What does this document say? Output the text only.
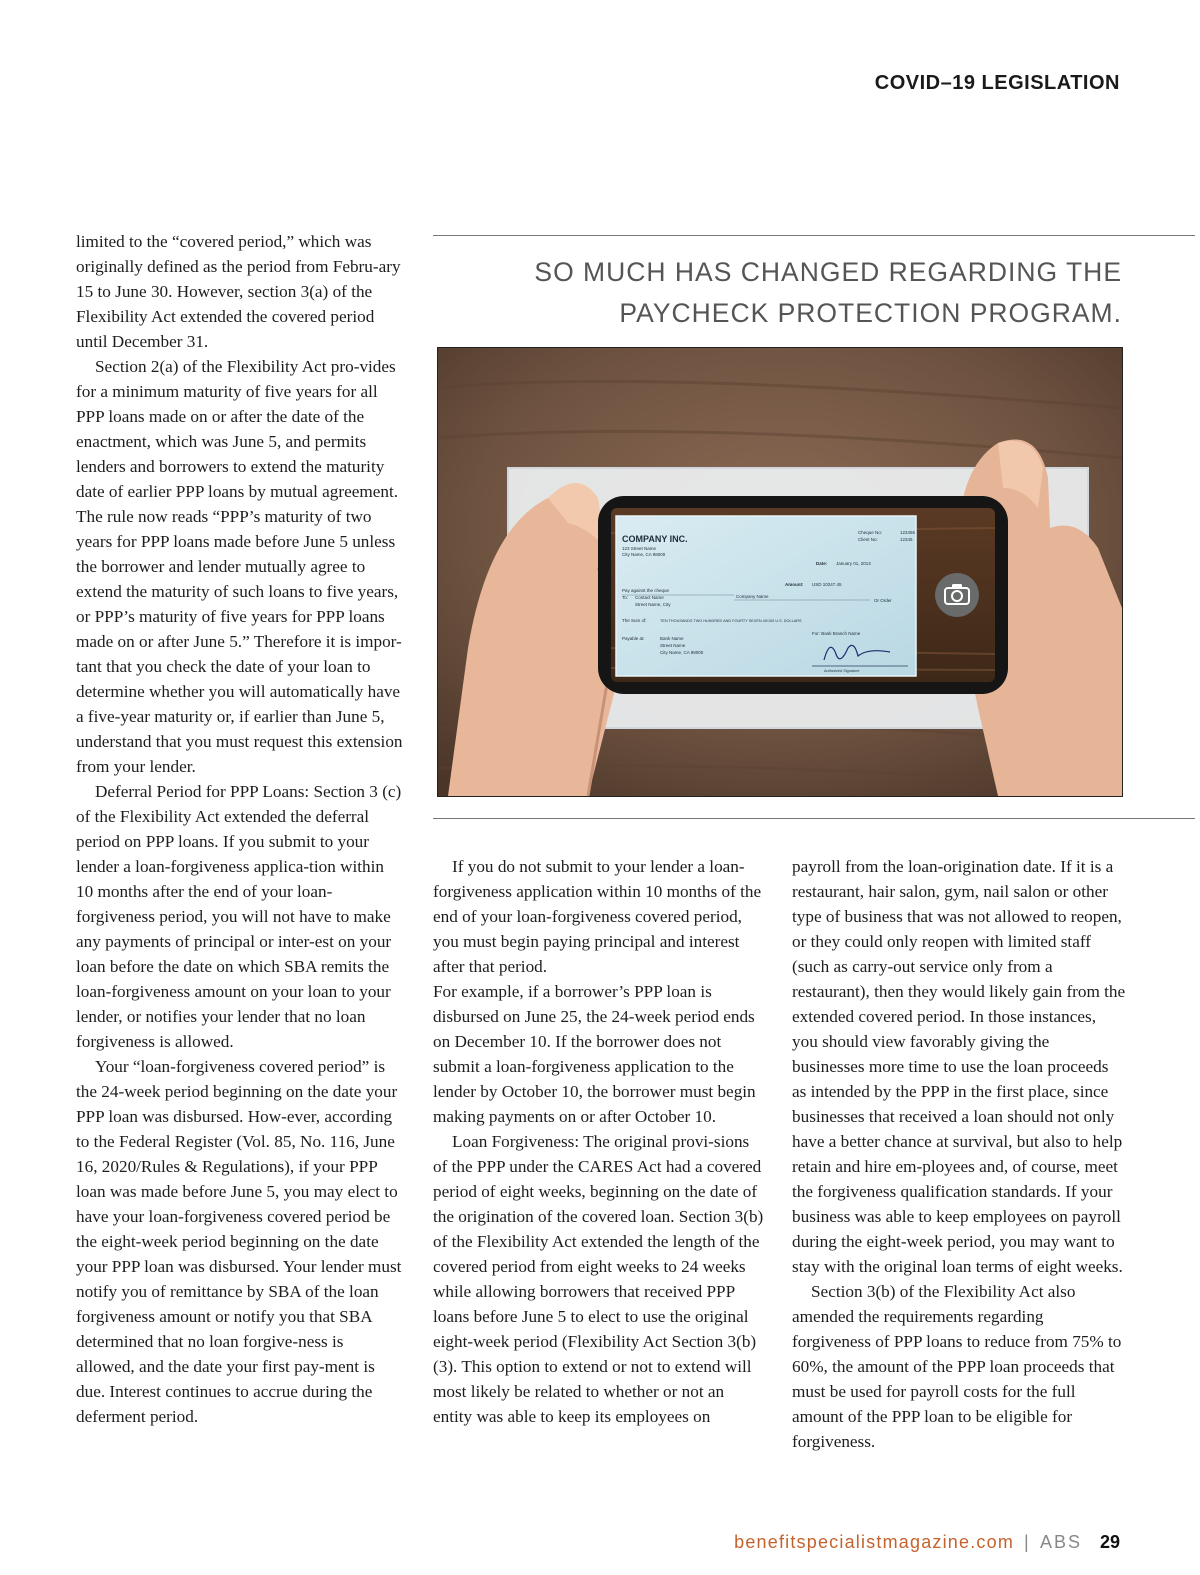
COVID–19 LEGISLATION
SO MUCH HAS CHANGED REGARDING THE
PAYCHECK PROTECTION PROGRAM.
COMPANY INC.
123 Street Name
City Name, CA 98000
Cheque No:	123456
Client No:	12345
Date: January 01, 2013
Amount: USD 10247.45
Pay against the cheque
To: Contact Name
Street Name, City
Company Name
Or Order
The Sum of:	TEN THOUSANDS TWO HUNDRED AND FOURTY SEVEN 40/100 U.S. DOLLARS
Payable at:	Bank Name
Street Name
City Name, CA 98000
For: Bank Branch Name
Authorized Signature

limited to the “covered period,” which was originally defined as the period from Febru-ary 15 to June 30. However, section 3(a) of the Flexibility Act extended the covered period until December 31.

Section 2(a) of the Flexibility Act pro-vides for a minimum maturity of five years for all PPP loans made on or after the date of the enactment, which was June 5, and permits lenders and borrowers to extend the maturity date of earlier PPP loans by mutual agreement. The rule now reads “PPP’s maturity of two years for PPP loans made before June 5 unless the borrower and lender mutually agree to extend the maturity of such loans to five years, or PPP’s maturity of five years for PPP loans made on or after June 5.” Therefore it is impor-tant that you check the date of your loan to determine whether you will automatically have a five-year maturity or, if earlier than June 5, understand that you must request this extension from your lender.

Deferral Period for PPP Loans: Section 3 (c) of the Flexibility Act extended the deferral period on PPP loans. If you submit to your lender a loan-forgiveness applica-tion within 10 months after the end of your loan-forgiveness period, you will not have to make any payments of principal or inter-est on your loan before the date on which SBA remits the loan-forgiveness amount on your loan to your lender, or notifies your lender that no loan forgiveness is allowed.

Your “loan-forgiveness covered period” is the 24-week period beginning on the date your PPP loan was disbursed. How-ever, according to the Federal Register (Vol. 85, No. 116, June 16, 2020/Rules & Regulations), if your PPP loan was made before June 5, you may elect to have your loan-forgiveness covered period be the eight-week period beginning on the date your PPP loan was disbursed. Your lender must notify you of remittance by SBA of the loan forgiveness amount or notify you that SBA determined that no loan forgive-ness is allowed, and the date your first pay-ment is due. Interest continues to accrue during the deferment period.

If you do not submit to your lender a loan-forgiveness application within 10 months of the end of your loan-forgiveness covered period, you must begin paying principal and interest after that period.

For example, if a borrower’s PPP loan is disbursed on June 25, the 24-week period ends on December 10. If the borrower does not submit a loan-forgiveness application to the lender by October 10, the borrower must begin making payments on or after October 10.

Loan Forgiveness: The original provi-sions of the PPP under the CARES Act had a covered period of eight weeks, beginning on the date of the origination of the covered loan. Section 3(b) of the Flexibility Act extended the length of the covered period from eight weeks to 24 weeks while allowing borrowers that received PPP loans before June 5 to elect to use the original eight-week period (Flexibility Act Section 3(b) (3). This option to extend or not to extend will most likely be related to whether or not an entity was able to keep its employees on

payroll from the loan-origination date. If it is a restaurant, hair salon, gym, nail salon or other type of business that was not allowed to reopen, or they could only reopen with limited staff (such as carry-out service only from a restaurant), then they would likely gain from the extended covered period. In those instances, you should view favorably giving the businesses more time to use the loan proceeds as intended by the PPP in the first place, since businesses that received a loan should not only have a better chance at survival, but also to help retain and hire em-ployees and, of course, meet the forgiveness qualification standards. If your business was able to keep employees on payroll during the eight-week period, you may want to stay with the original loan terms of eight weeks.

Section 3(b) of the Flexibility Act also amended the requirements regarding forgiveness of PPP loans to reduce from 75% to 60%, the amount of the PPP loan proceeds that must be used for payroll costs for the full amount of the PPP loan to be eligible for forgiveness.

benefitspecialistmagazine.com | ABS 29
